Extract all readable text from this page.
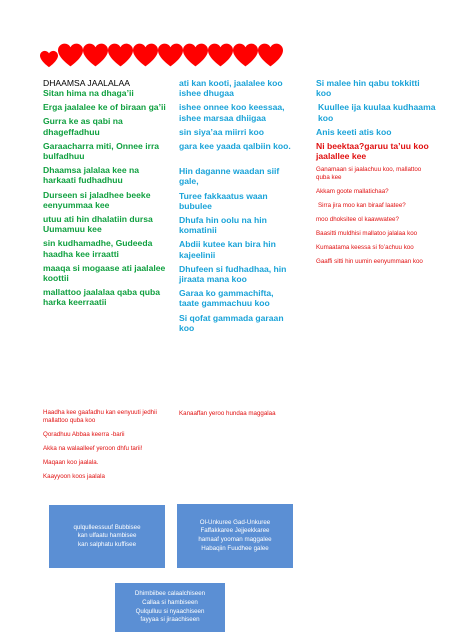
DHAAMSA JAALALAA

Sitan hima na dhaga’ii

Erga jaalalee ke of biraan ga’ii

Gurra ke as qabi na dhageffadhuu

Garaacharra miti, Onnee irra bulfadhuu

Dhaamsa jalalaa kee na harkaati fudhadhuu

Durseen si jaladhee beeke eenyummaa kee

utuu ati hin dhalatiin dursa Uumamuu kee

sin kudhamadhe, Gudeeda haadha kee irraatti

maaqa si mogaase ati jaalalee koottii

mallattoo jaalalaa qaba quba harka keerraatii

ati kan kooti, jaalalee koo ishee dhugaa

ishee onnee koo keessaa, ishee marsaa dhiigaa

sin siya’aa miirri koo

gara kee yaada qalbiin koo.

Hin daganne waadan siif gale,

Turee fakkaatus waan bubulee

Dhufa hin oolu na hin komatinii

Abdii kutee kan bira hin kajeelinii

Dhufeen si fudhadhaa, hin jiraata mana koo

Garaa ko gammachifta, taate gammachuu koo

Si qofat gammada garaan koo

Si malee hin qabu tokkitti koo

Kuullee ija kuulaa kudhaama koo

Anis keeti atis koo

Ni beektaa?garuu ta’uu koo jaalallee kee

Ganamaan si jaalachuu koo, mallattoo quba kee

Akkam goote mallatichaa?

Sirra jira moo kan biraaf laatee?

moo dhoksitee ol kaawwatee?

Baasitti muldhisi mallatoo jalalaa koo

Kumaatama keessa si fo’achuu koo

Gaaffi sitti hin uumin eenyummaan koo

Haadha kee gaafadhu kan eenyuuti jedhii mallattoo quba koo

Qoradhuu Abbaa keerra -barii

Akka na walaalleef yeroon dhfu tarii!

Maqaan koo jaalala.

Kaayyoon koos jaalala

Kanaaffan yeroo hundaa maggalaa

qulqulleessuuf Bubbisee
kan ulfaatu hambisee
kan salphatu kuffisee
Ol-Unkuree Gad-Unkuree
Faffakkaree Jejjeekkaree
hamaaf yooman maggalee
Habaqiin Fuudhee galee
Dhimbiibee calaalchiseen
Callaa si hambiseen
Qulqulluu si nyaachiseen
fayyaa si jiraachiseen
